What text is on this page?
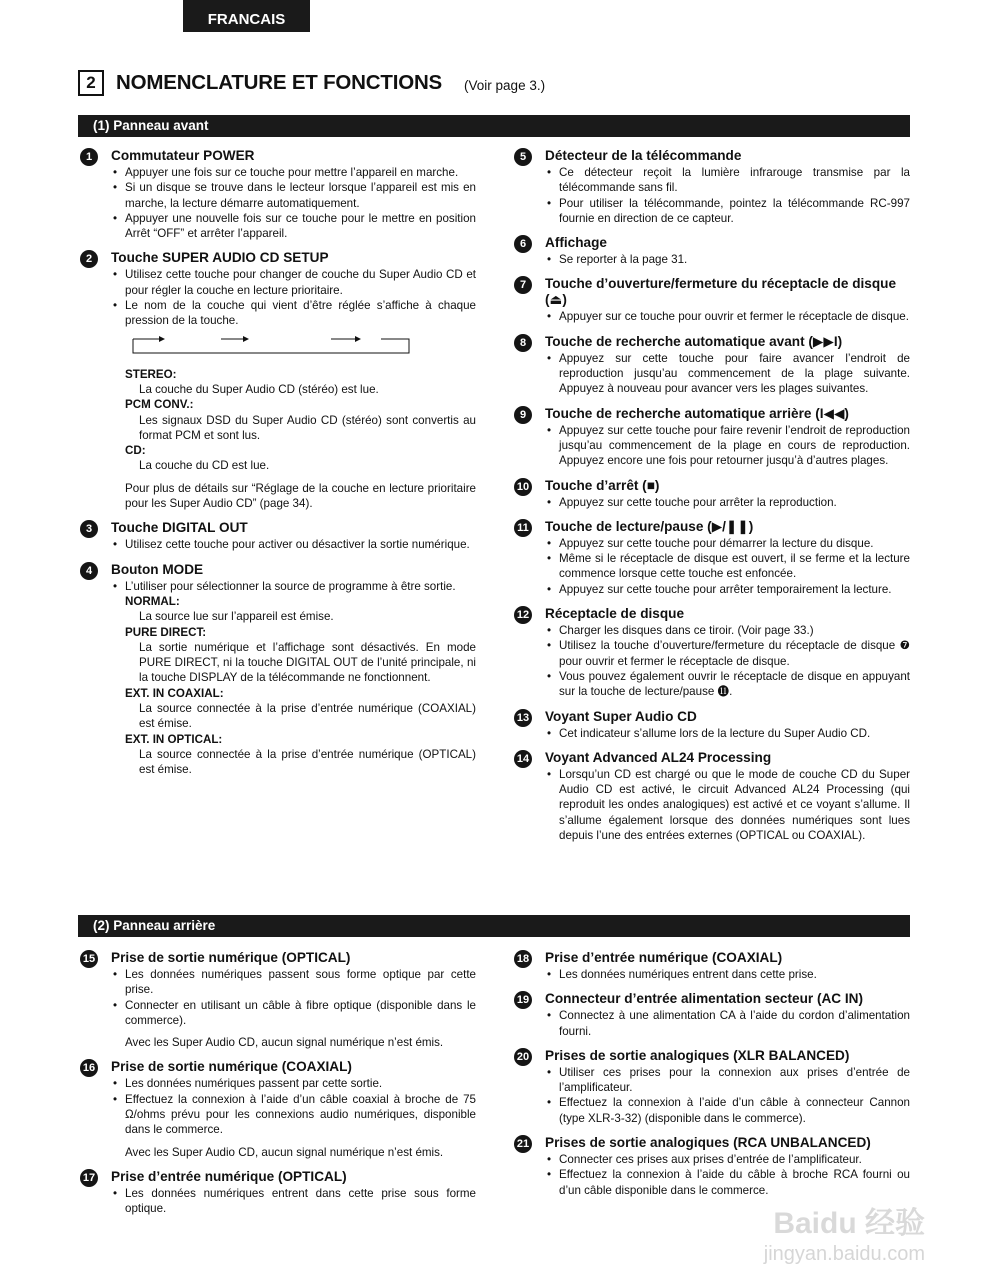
FRANCAIS
2 NOMENCLATURE ET FONCTIONS (Voir page 3.)
(1) Panneau avant
1	Commutateur POWER
• Appuyer une fois sur ce touche pour mettre l’appareil en marche.
• Si un disque se trouve dans le lecteur lorsque l’appareil est mis en marche, la lecture démarre automatiquement.
• Appuyer une nouvelle fois sur ce touche pour le mettre en position Arrêt “OFF” et arrêter l’appareil.
2	Touche SUPER AUDIO CD SETUP
• Utilisez cette touche pour changer de couche du Super Audio CD et pour régler la couche en lecture prioritaire.
• Le nom de la couche qui vient d’être réglée s’affiche à chaque pression de la touche.
STEREO:
La couche du Super Audio CD (stéréo) est lue.
PCM CONV.:
Les signaux DSD du Super Audio CD (stéréo) sont convertis au format PCM et sont lus.
CD:
La couche du CD est lue.
Pour plus de détails sur “Réglage de la couche en lecture prioritaire pour les Super Audio CD” (page 34).
3	Touche DIGITAL OUT
• Utilisez cette touche pour activer ou désactiver la sortie numérique.
4	Bouton MODE
• L’utiliser pour sélectionner la source de programme à être sortie.
NORMAL:
La source lue sur l’appareil est émise.
PURE DIRECT:
La sortie numérique et l’affichage sont désactivés. En mode PURE DIRECT, ni la touche DIGITAL OUT de l’unité principale, ni la touche DISPLAY de la télécommande ne fonctionnent.
EXT. IN COAXIAL:
La source connectée à la prise d’entrée numérique (COAXIAL) est émise.
EXT. IN OPTICAL:
La source connectée à la prise d’entrée numérique (OPTICAL) est émise.
5	Détecteur de la télécommande
• Ce détecteur reçoit la lumière infrarouge transmise par la télécommande sans fil.
• Pour utiliser la télécommande, pointez la télécommande RC-997 fournie en direction de ce capteur.
6	Affichage
• Se reporter à la page 31.
7	Touche d’ouverture/fermeture du réceptacle de disque (⏏)
• Appuyer sur ce touche pour ouvrir et fermer le réceptacle de disque.
8	Touche de recherche automatique avant (▶▶I)
• Appuyez sur cette touche pour faire avancer l’endroit de reproduction jusqu’au commencement de la plage suivante. Appuyez à nouveau pour avancer vers les plages suivantes.
9	Touche de recherche automatique arrière (I◀◀)
• Appuyez sur cette touche pour faire revenir l’endroit de reproduction jusqu’au commencement de la plage en cours de reproduction. Appuyez encore une fois pour retourner jusqu’à d’autres plages.
10 Touche d’arrêt (■)
• Appuyez sur cette touche pour arrêter la reproduction.
11 Touche de lecture/pause (▶/❚❚)
• Appuyez sur cette touche pour démarrer la lecture du disque.
• Même si le réceptacle de disque est ouvert, il se ferme et la lecture commence lorsque cette touche est enfoncée.
• Appuyez sur cette touche pour arrêter temporairement la lecture.
12 Réceptacle de disque
• Charger les disques dans ce tiroir. (Voir page 33.)
• Utilisez la touche d’ouverture/fermeture du réceptacle de disque ❼ pour ouvrir et fermer le réceptacle de disque.
• Vous pouvez également ouvrir le réceptacle de disque en appuyant sur la touche de lecture/pause ⓫.
13 Voyant Super Audio CD
• Cet indicateur s’allume lors de la lecture du Super Audio CD.
14 Voyant Advanced AL24 Processing
• Lorsqu’un CD est chargé ou que le mode de couche CD du Super Audio CD est activé, le circuit Advanced AL24 Processing (qui reproduit les ondes analogiques) est activé et ce voyant s’allume. Il s’allume également lorsque des données numériques sont lues depuis l’une des entrées externes (OPTICAL ou COAXIAL).
(2) Panneau arrière
15 Prise de sortie numérique (OPTICAL)
• Les données numériques passent sous forme optique par cette prise.
• Connecter en utilisant un câble à fibre optique (disponible dans le commerce).
Avec les Super Audio CD, aucun signal numérique n’est émis.
16 Prise de sortie numérique (COAXIAL)
• Les données numériques passent par cette sortie.
• Effectuez la connexion à l’aide d’un câble coaxial à broche de 75 Ω/ohms prévu pour les connexions audio numériques, disponible dans le commerce.
Avec les Super Audio CD, aucun signal numérique n’est émis.
17 Prise d’entrée numérique (OPTICAL)
• Les données numériques entrent dans cette prise sous forme optique.
18 Prise d’entrée numérique (COAXIAL)
• Les données numériques entrent dans cette prise.
19 Connecteur d’entrée alimentation secteur (AC IN)
• Connectez à une alimentation CA à l’aide du cordon d’alimentation fourni.
20 Prises de sortie analogiques (XLR BALANCED)
• Utiliser ces prises pour la connexion aux prises d’entrée de l’amplificateur.
• Effectuez la connexion à l’aide d’un câble à connecteur Cannon (type XLR-3-32) (disponible dans le commerce).
21 Prises de sortie analogiques (RCA UNBALANCED)
• Connecter ces prises aux prises d’entrée de l’amplificateur.
• Effectuez la connexion à l’aide du câble à broche RCA fourni ou d’un câble disponible dans le commerce.
Baidu 经验
jingyan.baidu.com
